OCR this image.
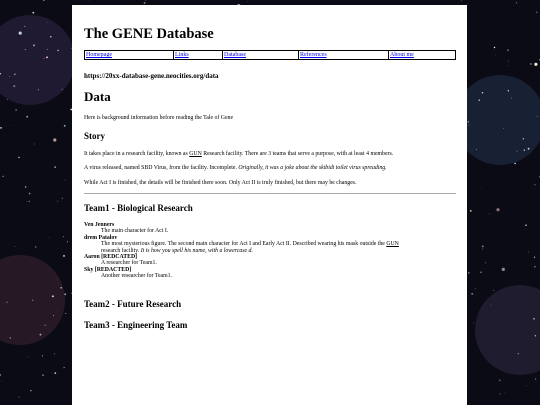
The GENE Database
Homepage	Links	Database	References	About me
https://20xx-database-gene.neocities.org/data
Data

Here is background information before reading the Tale of Gene

Story

It takes place in a research facility, known as GUN Research facility. There are 3 teams that serve a purpose, with at least 4 members.

A virus released, named SBD Virus, from the facility. Incomplete. Originally, it was a joke about the skibidi toilet virus spreading.

While Act I is finished, the details will be finished there soon. Only Act II is truly finished, but there may be changes.

Team1 - Biological Research
Ven Jenners
The main character for Act I.
drem Patalov
The most mysterious figure. The second main character for Act I and Early Act II. Described wearing his mask outside the GUN
research facility. It is how you spell his name, with a lowercase d.
Aaron [REDCATED]
A researcher for Team1.
Sky [REDACTED]
Another researcher for Team1.
Team2 - Future Research
Team3 - Engineering Team
